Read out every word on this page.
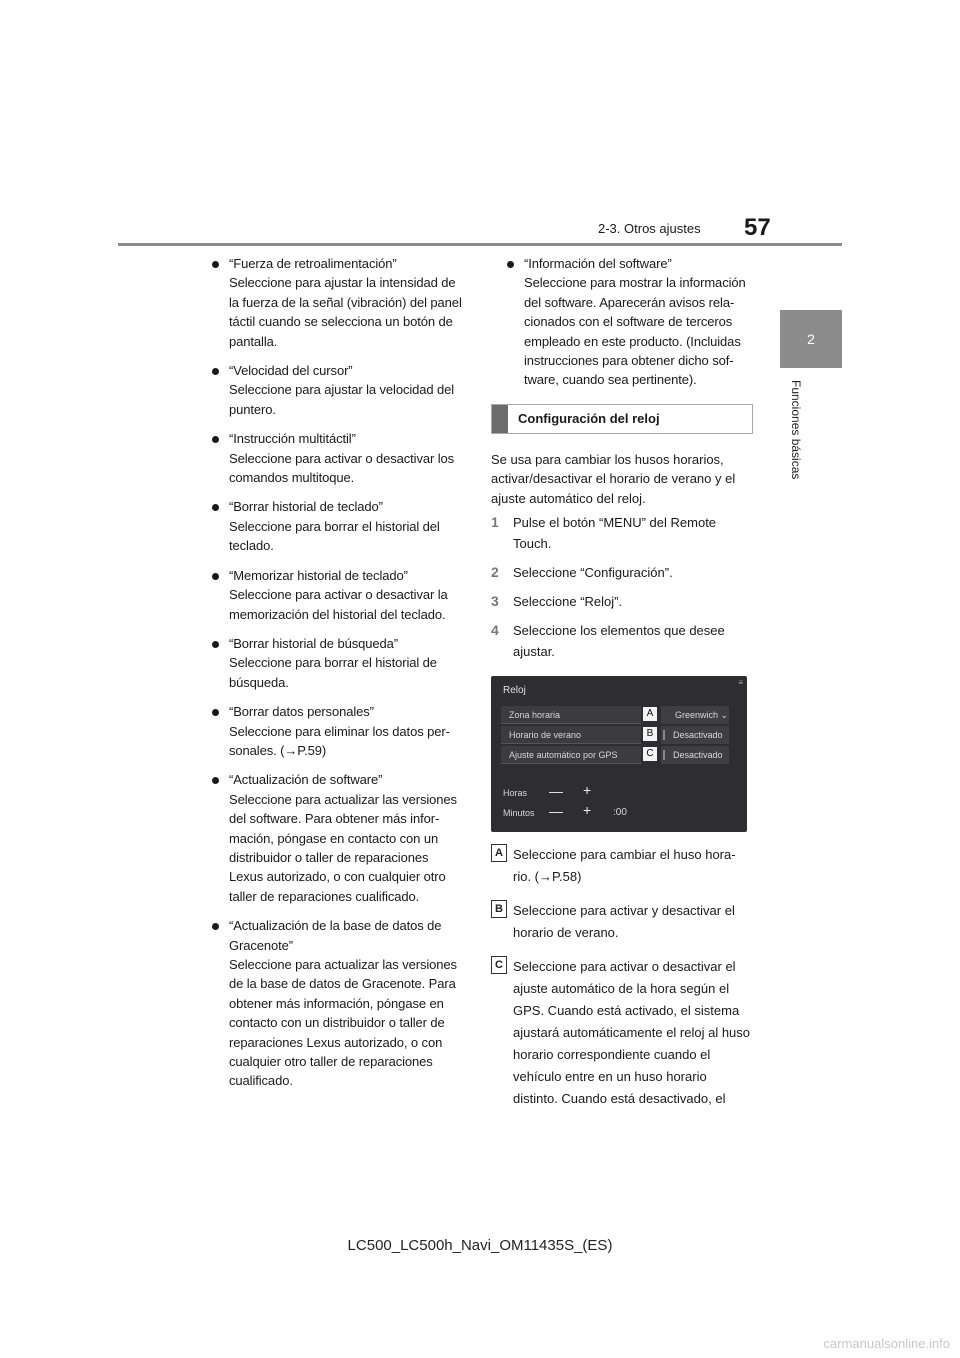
57
2-3. Otros ajustes
2
Funciones básicas

“Fuerza de retroalimentación”

Seleccione para ajustar la intensidad de la fuerza de la señal (vibración) del panel táctil cuando se selecciona un botón de pantalla.

“Velocidad del cursor”

Seleccione para ajustar la velocidad del puntero.

“Instrucción multitáctil”

Seleccione para activar o desactivar los comandos multitoque.

“Borrar historial de teclado”

Seleccione para borrar el historial del teclado.

“Memorizar historial de teclado”

Seleccione para activar o desactivar la memorización del historial del teclado.

“Borrar historial de búsqueda”

Seleccione para borrar el historial de búsqueda.

“Borrar datos personales”

Seleccione para eliminar los datos per- sonales. (→P.59)

“Actualización de software”

Seleccione para actualizar las versiones del software. Para obtener más infor- mación, póngase en contacto con un distribuidor o taller de reparaciones Lexus autorizado, o con cualquier otro taller de reparaciones cualificado.

“Actualización de la base de datos de Gracenote”

Seleccione para actualizar las versiones de la base de datos de Gracenote. Para obtener más información, póngase en contacto con un distribuidor o taller de reparaciones Lexus autorizado, o con cualquier otro taller de reparaciones cualificado.

“Información del software”

Seleccione para mostrar la información del software. Aparecerán avisos rela- cionados con el software de terceros empleado en este producto. (Incluidas instrucciones para obtener dicho sof- tware, cuando sea pertinente).

Configuración del reloj

Se usa para cambiar los husos horarios, activar/desactivar el horario de verano y el ajuste automático del reloj.

1 Pulse el botón “MENU” del Remote Touch.

2 Seleccione “Configuración”.

3 Seleccione “Reloj”.

4 Seleccione los elementos que desee ajustar.

Reloj
≡
Zona horaria	A	Greenwich ⌄
Horario de verano	B	Desactivado
Ajuste automático por GPS	C	Desactivado
Horas — +
Minutos — + :00
A Seleccione para cambiar el huso hora- rio. (→P.58)

B Seleccione para activar y desactivar el horario de verano.

C Seleccione para activar o desactivar el ajuste automático de la hora según el GPS. Cuando está activado, el sistema ajustará automáticamente el reloj al huso horario correspondiente cuando el vehículo entre en un huso horario distinto. Cuando está desactivado, el

LC500_LC500h_Navi_OM11435S_(ES)
carmanualsonline.info
